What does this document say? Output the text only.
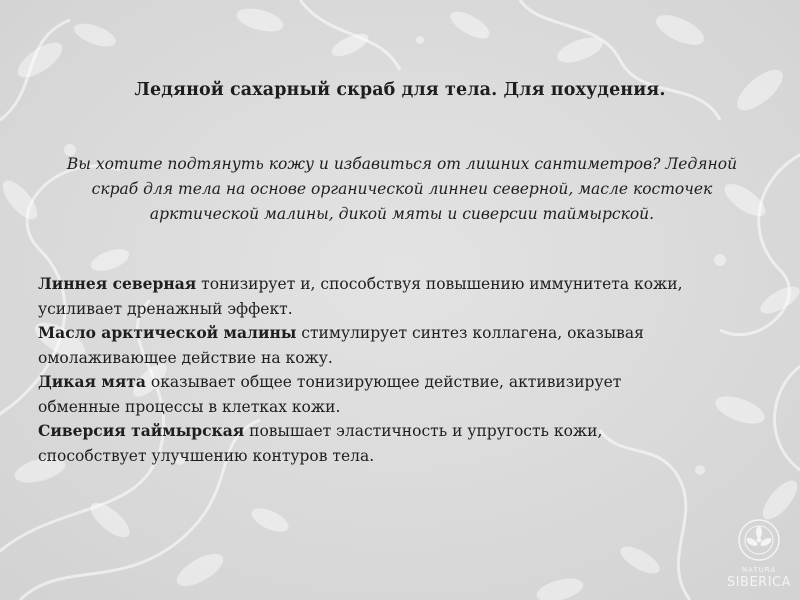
Ледяной сахарный скраб для тела. Для похудения.
Вы хотите подтянуть кожу и избавиться от лишних сантиметров? Ледяной
скраб для тела на основе органической линнеи северной, масле косточек
арктической малины, дикой мяты и сиверсии таймырской.
Линнея северная тонизирует и, способствуя повышению иммунитета кожи,
усиливает дренажный эффект.
Масло арктической малины стимулирует синтез коллагена, оказывая
омолаживающее действие на кожу.
Дикая мята оказывает общее тонизирующее действие, активизирует
обменные процессы в клетках кожи.
Сиверсия таймырская повышает эластичность и упругость кожи,
способствует улучшению контуров тела.
NATURA
SIBERICA
